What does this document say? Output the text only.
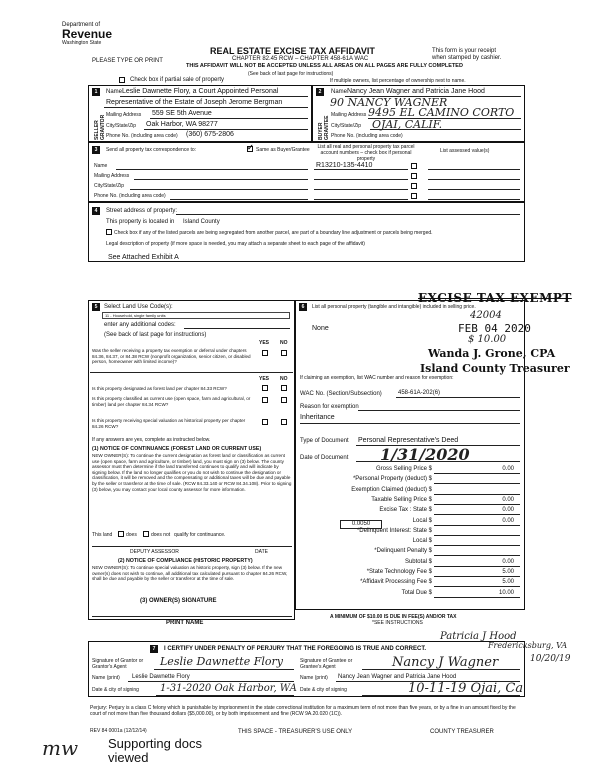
Department of
Revenue
Washington State
REAL ESTATE EXCISE TAX AFFIDAVIT
CHAPTER 82.45 RCW – CHAPTER 458-61A WAC
THIS AFFIDAVIT WILL NOT BE ACCEPTED UNLESS ALL AREAS ON ALL PAGES ARE FULLY COMPLETED
(See back of last page for instructions)
PLEASE TYPE OR PRINT
This form is your receipt when stamped by cashier.
Check box if partial sale of property	If multiple owners, list percentage of ownership next to name.
1	2
SELLER GRANTOR	BUYER GRANTEE
Name Leslie Dawnette Flory, a Court Appointed Personal
Representative of the Estate of Joseph Jerome Bergman
Mailing Address 559 SE 5th Avenue
City/State/Zip Oak Harbor, WA 98277
Phone No. (including area code) (360) 675-2806
Name Nancy Jean Wagner and Patricia Jane Hood
90 NANCY WAGNER
Mailing Address 9495 EL CAMINO CORTO
City/State/Zip OJAI, CALIF.
Phone No. (including area code)
3	Send all property tax correspondence to:	✓ Same as Buyer/Grantee
Name
Mailing Address
City/State/Zip
Phone No. (including area code)
List all real and personal property tax parcel account numbers – check box if personal property
List assessed value(s)
R13210-135-4410
4	Street address of property:
This property is located in Island County
Check box if any of the listed parcels are being segregated from another parcel, are part of a boundary line adjustment or parcels being merged.
Legal description of property (if more space is needed, you may attach a separate sheet to each page of the affidavit)
See Attached Exhibit A
5	Select Land Use Code(s):
11 - Household, single family units
enter any additional codes:
(See back of last page for instructions)
YES NO
Was the seller receiving a property tax exemption or deferral under chapters 84.36, 84.37, or 84.38 RCW (nonprofit organization, senior citizen, or disabled person, homeowner with limited income)?
YES NO
Is this property designated as forest land per chapter 84.33 RCW?
Is this property classified as current use (open space, farm and agricultural, or timber) land per chapter 84.34 RCW?
Is this property receiving special valuation as historical property per chapter 84.26 RCW?
If any answers are yes, complete as instructed below.
(1) NOTICE OF CONTINUANCE (FOREST LAND OR CURRENT USE)
NEW OWNER(S): To continue the current designation as forest land or classification as current use (open space, farm and agriculture, or timber) land, you must sign on (3) below. The county assessor must then determine if the land transferred continues to qualify and will indicate by signing below. If the land no longer qualifies or you do not wish to continue the designation or classification, it will be removed and the compensating or additional taxes will be due and payable by the seller or transferor at the time of sale. (RCW 84.33.140 or RCW 84.34.108). Prior to signing (3) below, you may contact your local county assessor for more information.
This land	does	does not qualify for continuance.
DEPUTY ASSESSOR	DATE
(2) NOTICE OF COMPLIANCE (HISTORIC PROPERTY)
NEW OWNER(S): To continue special valuation as historic property, sign (3) below. If the new owner(s) does not wish to continue, all additional tax calculated pursuant to chapter 84.26 RCW, shall be due and payable by the seller or transferor at the time of sale.
(3) OWNER(S) SIGNATURE
PRINT NAME
6	List all personal property (tangible and intangible) included in selling price.
None
EXCISE TAX EXEMPT
42004
FEB 04 2020
$ 10.00
Wanda J. Grone, CPA
Island County Treasurer
If claiming an exemption, list WAC number and reason for exemption:
WAC No. (Section/Subsection)	458-61A-202(6)
Reason for exemption
Inheritance
Type of Document Personal Representative's Deed
Date of Document 1/31/2020
Gross Selling Price $	0.00
*Personal Property (deduct) $
Exemption Claimed (deduct) $
Taxable Selling Price $	0.00
Excise Tax : State $	0.00
Local $	0.00
*Delinquent Interest: State $
Local $
*Delinquent Penalty $
Subtotal $	0.00
*State Technology Fee $	5.00
*Affidavit Processing Fee $	5.00
Total Due $	10.00
0.0050
A MINIMUM OF $10.00 IS DUE IN FEE(S) AND/OR TAX
*SEE INSTRUCTIONS
7	I CERTIFY UNDER PENALTY OF PERJURY THAT THE FOREGOING IS TRUE AND CORRECT.
Signature of Grantor or Grantor's Agent	Leslie Dawnette Flory	Signature of Grantee or Grantee's Agent	Nancy J Wagner
Patricia J Hood
Fredericksburg, VA
10/20/19
Name (print) Leslie Dawnette Flory	Name (print) Nancy Jean Wagner and Patricia Jane Hood
Date & city of signing 1-31-2020 Oak Harbor, WA Date & city of signing	10-11-19 Ojai, Ca
Perjury: Perjury is a class C felony which is punishable by imprisonment in the state correctional institution for a maximum term of not more than five years, or by a fine in an amount fixed by the court of not more than five thousand dollars ($5,000.00), or by both imprisonment and fine (RCW 9A.20.020 (1C)).
REV 84 0001a (12/12/14)	THIS SPACE - TREASURER'S USE ONLY	COUNTY TREASURER
mw Supporting docs viewed
